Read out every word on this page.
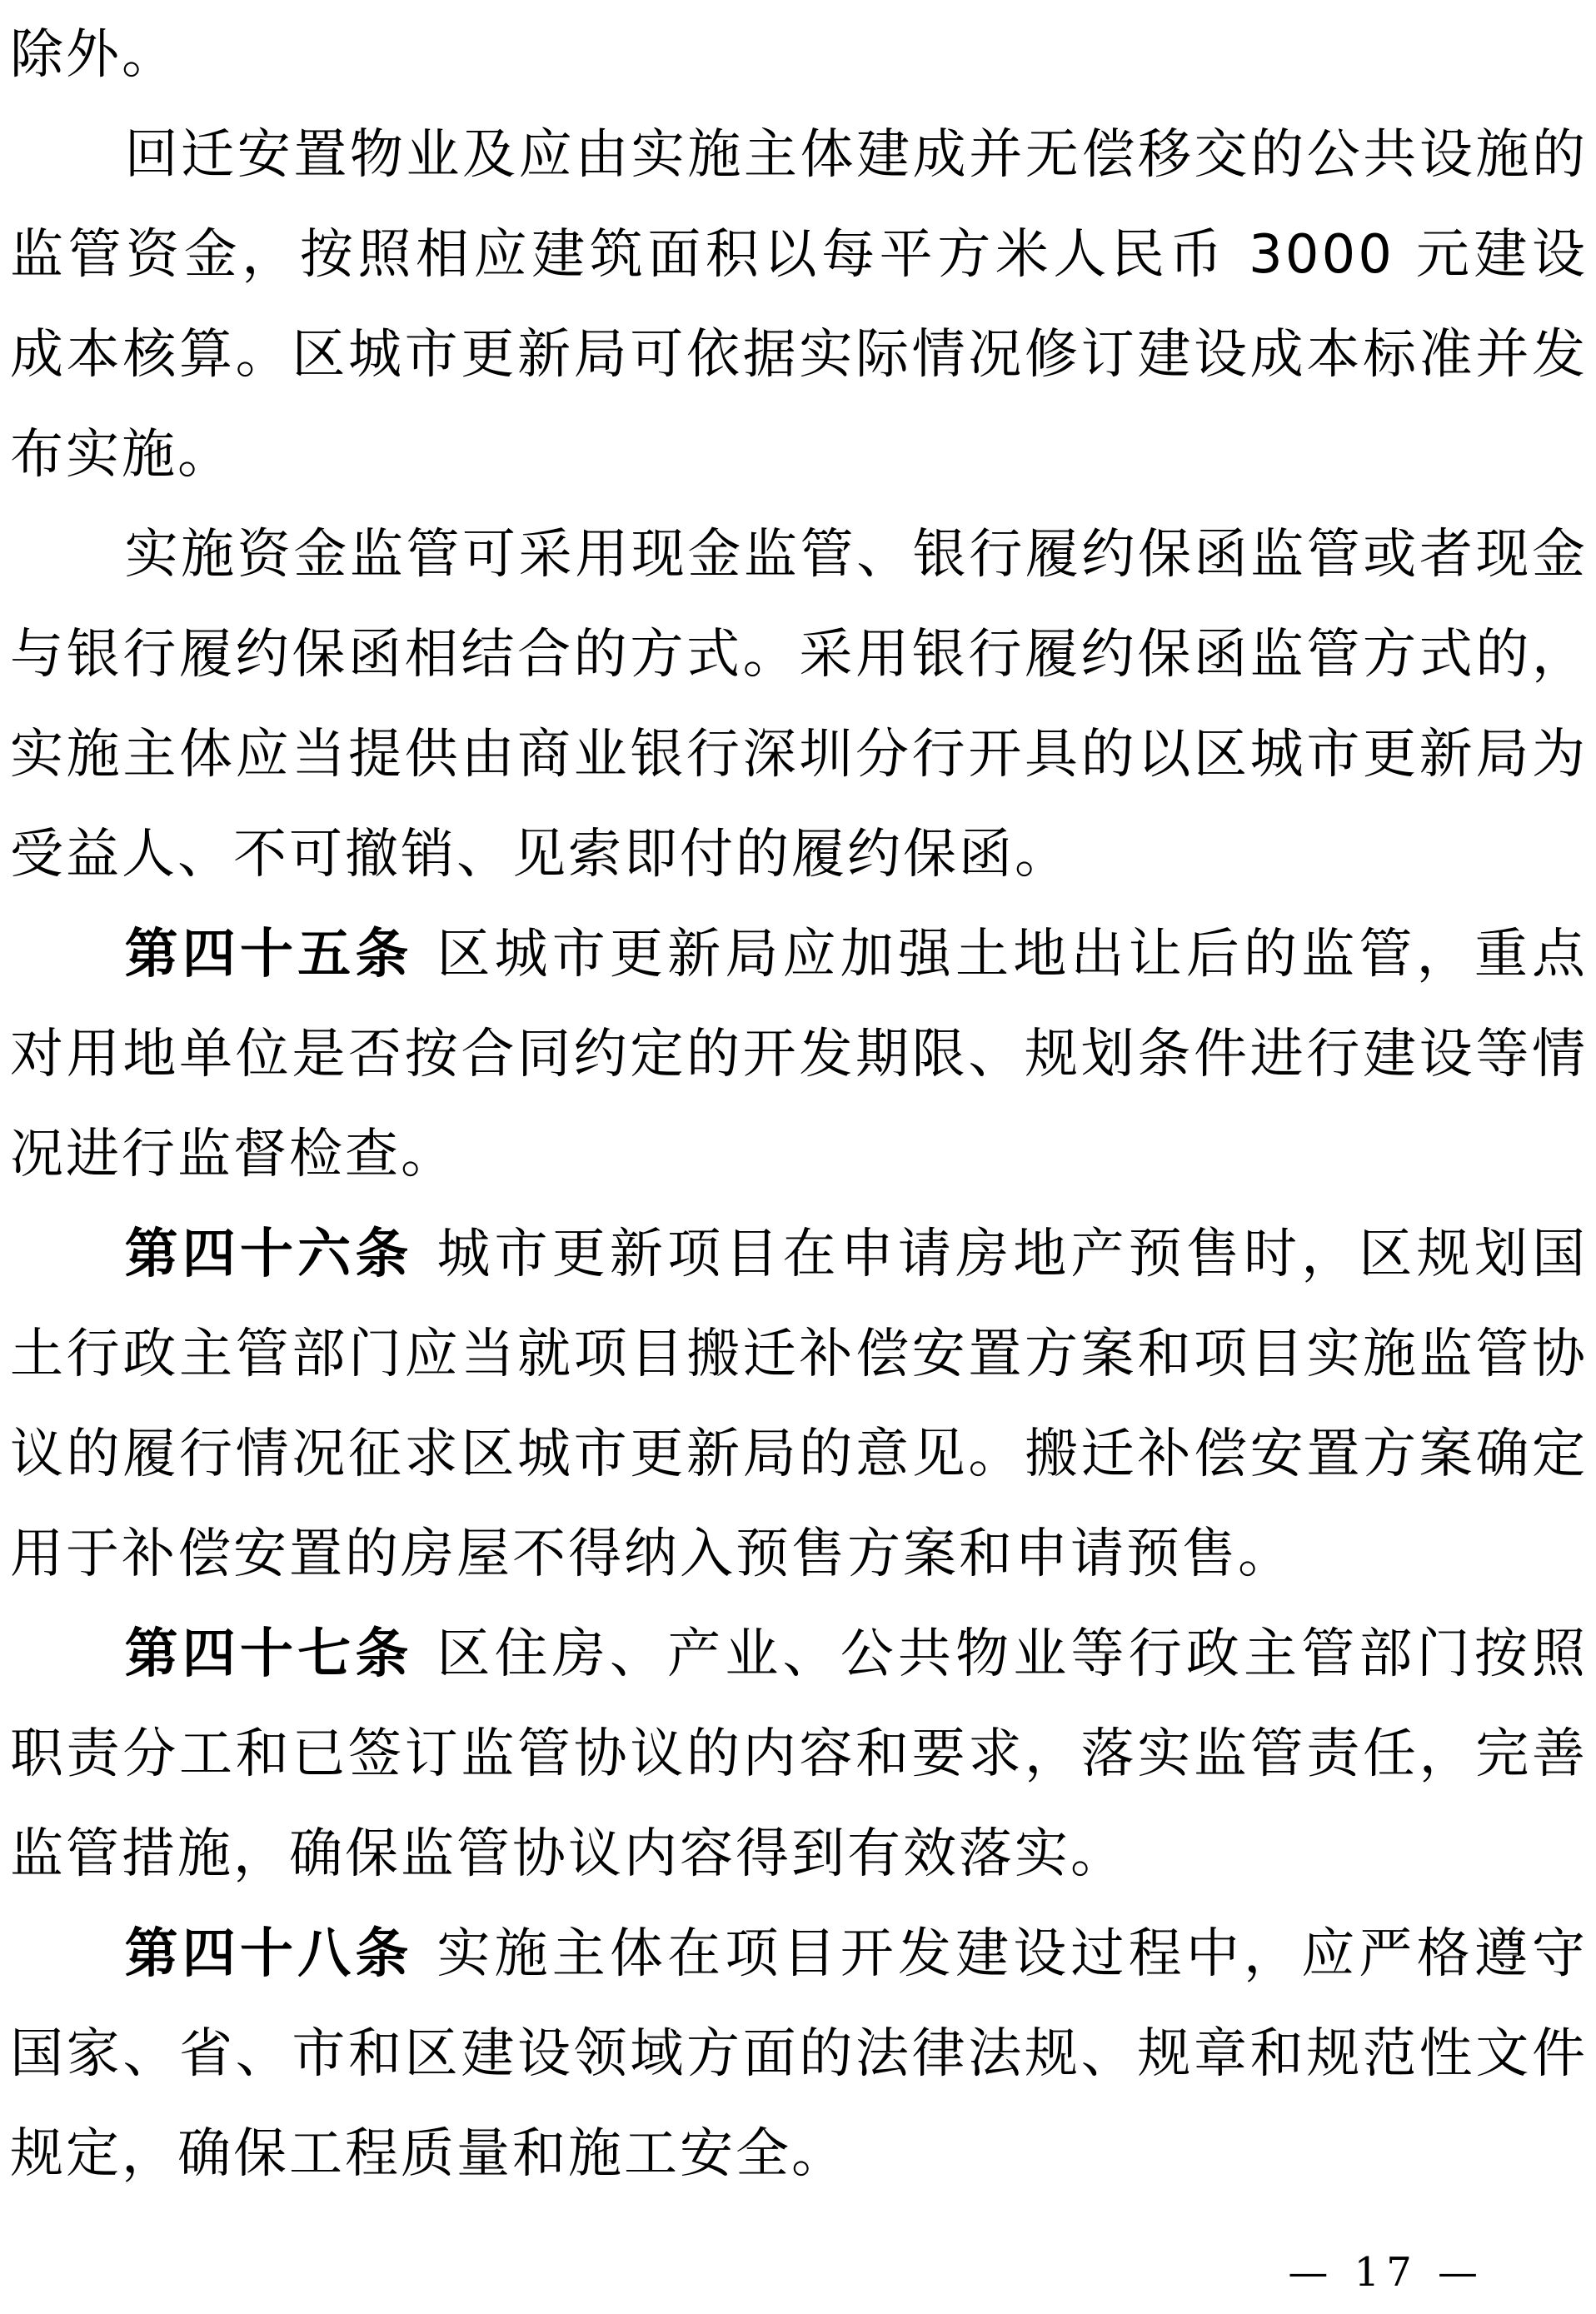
除外。

回迁安置物业及应由实施主体建成并无偿移交的公共设施的监管资金，按照相应建筑面积以每平方米人民币 3000 元建设成本核算。区城市更新局可依据实际情况修订建设成本标准并发布实施。

实施资金监管可采用现金监管、银行履约保函监管或者现金与银行履约保函相结合的方式。采用银行履约保函监管方式的，实施主体应当提供由商业银行深圳分行开具的以区城市更新局为受益人、不可撤销、见索即付的履约保函。

第四十五条 区城市更新局应加强土地出让后的监管，重点对用地单位是否按合同约定的开发期限、规划条件进行建设等情况进行监督检查。

第四十六条 城市更新项目在申请房地产预售时，区规划国土行政主管部门应当就项目搬迁补偿安置方案和项目实施监管协议的履行情况征求区城市更新局的意见。搬迁补偿安置方案确定用于补偿安置的房屋不得纳入预售方案和申请预售。

第四十七条 区住房、产业、公共物业等行政主管部门按照职责分工和已签订监管协议的内容和要求，落实监管责任，完善监管措施，确保监管协议内容得到有效落实。

第四十八条 实施主体在项目开发建设过程中，应严格遵守国家、省、市和区建设领域方面的法律法规、规章和规范性文件规定，确保工程质量和施工安全。

— 17 —
